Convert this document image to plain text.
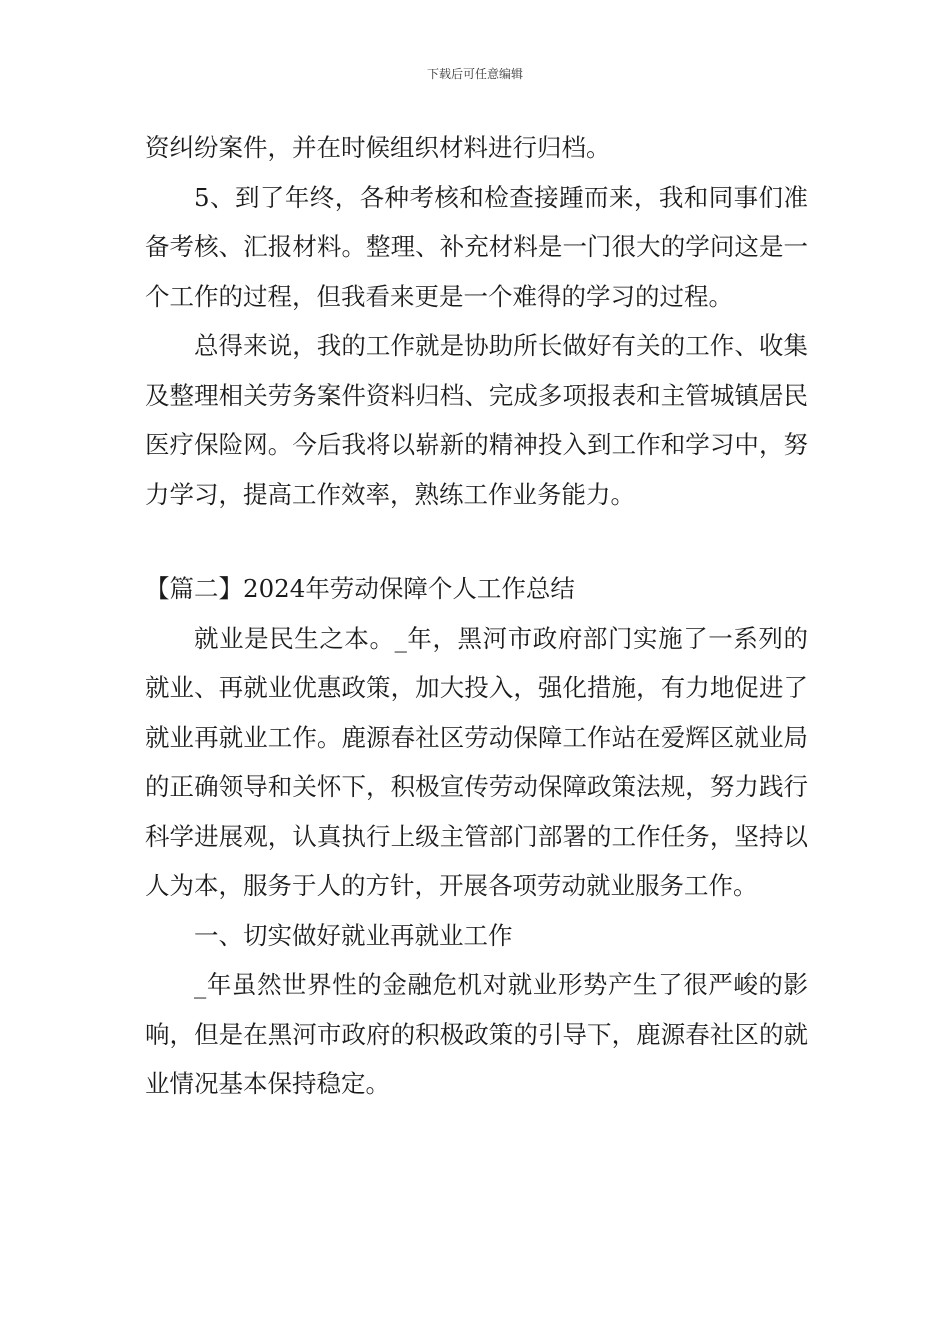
下载后可任意编辑

资纠纷案件，并在时候组织材料进行归档。

5、到了年终，各种考核和检查接踵而来，我和同事们准备考核、汇报材料。整理、补充材料是一门很大的学问这是一个工作的过程，但我看来更是一个难得的学习的过程。

总得来说，我的工作就是协助所长做好有关的工作、收集及整理相关劳务案件资料归档、完成多项报表和主管城镇居民医疗保险网。今后我将以崭新的精神投入到工作和学习中，努力学习，提高工作效率，熟练工作业务能力。

【篇二】2024年劳动保障个人工作总结

就业是民生之本。_年，黑河市政府部门实施了一系列的就业、再就业优惠政策，加大投入，强化措施，有力地促进了就业再就业工作。鹿源春社区劳动保障工作站在爱辉区就业局的正确领导和关怀下，积极宣传劳动保障政策法规，努力践行科学进展观，认真执行上级主管部门部署的工作任务，坚持以人为本，服务于人的方针，开展各项劳动就业服务工作。

一、切实做好就业再就业工作

_年虽然世界性的金融危机对就业形势产生了很严峻的影响，但是在黑河市政府的积极政策的引导下，鹿源春社区的就业情况基本保持稳定。
